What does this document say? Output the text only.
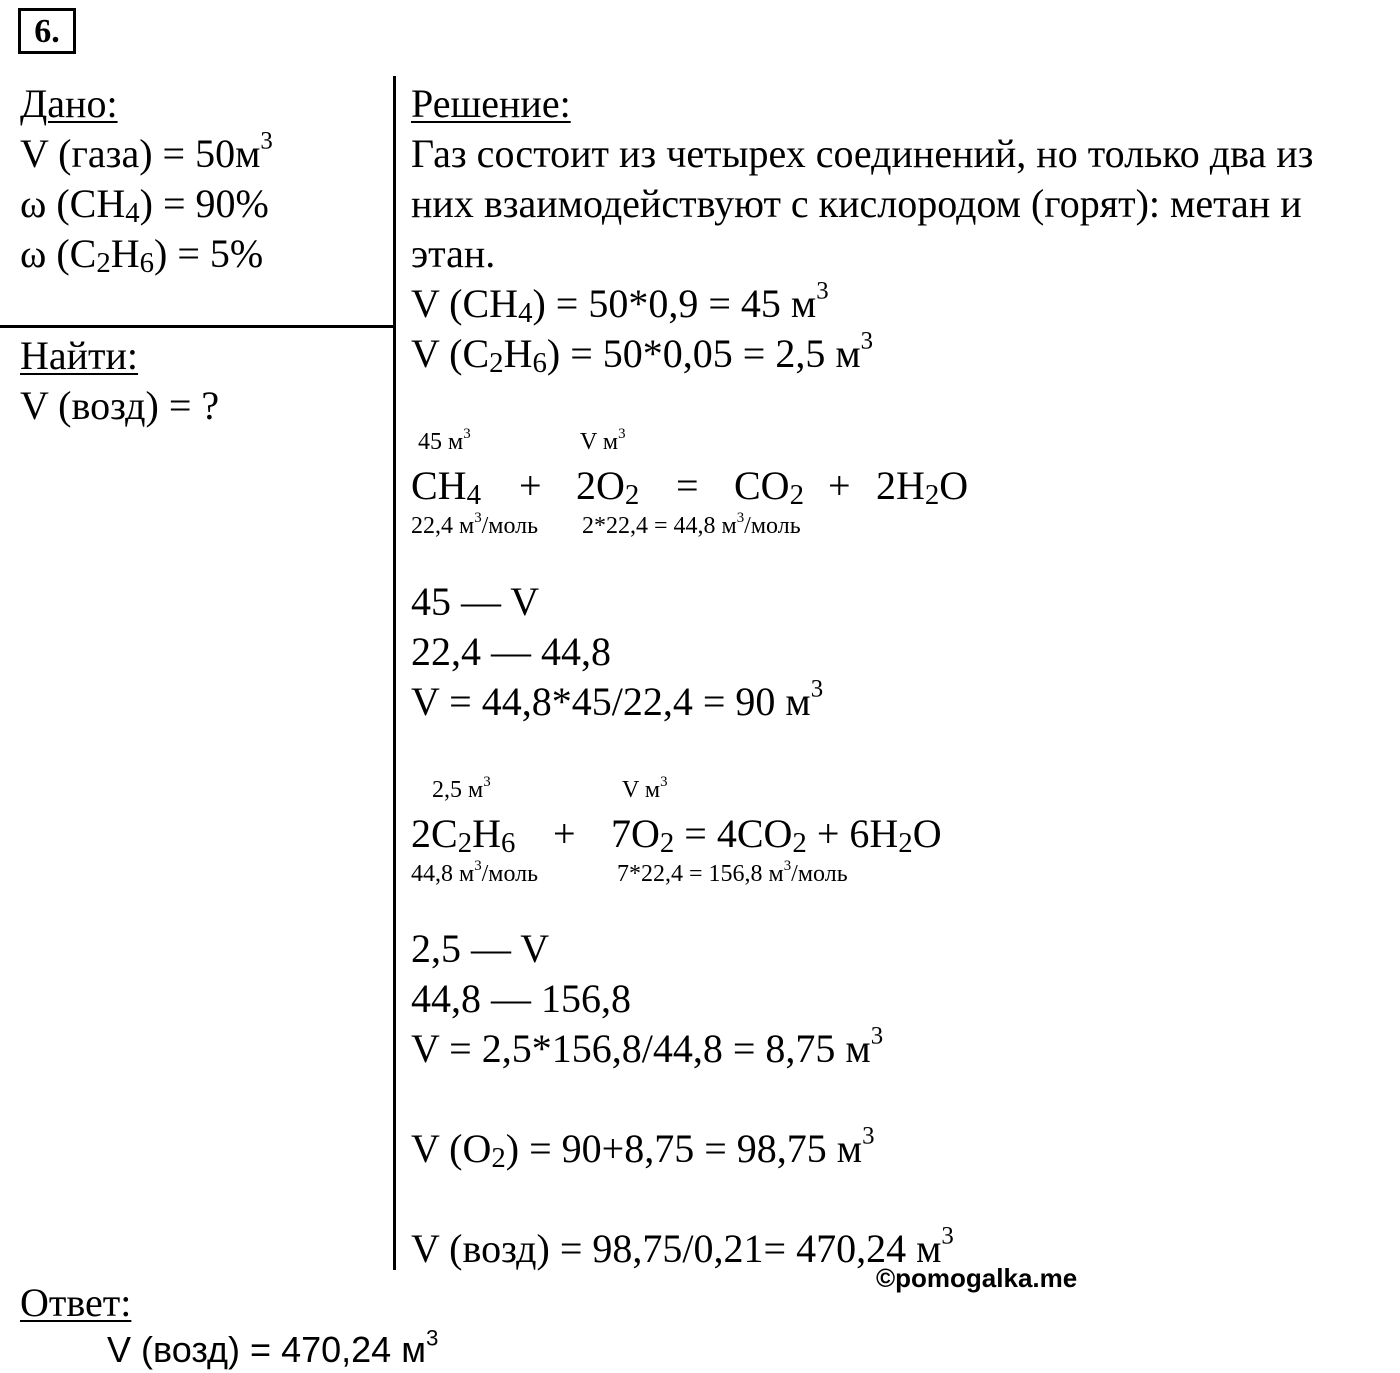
6.
Дано:
V (газа) = $50м^3$
ω $(CH_4) = 90\%$
ω $(C_2H_6) = 5\%$
Найти:
V (возд) = ?
Решение:
Газ состоит из четырех соединений, но только два из
них взаимодействуют с кислородом (горят): метан и
этан.
V $(CH_4) = 50*0,9 = 45$ $м^3$
V $(C_2H_6) = 50*0,05 = 2,5$ $м^3$
45 $м^3$	V $м^3$
$CH_4 + 2O_2 = CO_2 + 2H_2O$
22,4 $м^3$/моль 2*22,4 = 44,8 $м^3$/моль
45 — V
22,4 — 44,8
V = 44,8*45/22,4 = 90 $м^3$
2,5 $м^3$	V $м^3$
$2C_2H_6 + 7O_2 = 4CO_2 + 6H_2O$
44,8 $м^3$/моль	7*22,4 = 156,8 $м^3$/моль
2,5 — V
44,8 — 156,8
V = 2,5*156,8/44,8 = 8,75 $м^3$
V $(O_2) = 90+8,75 = 98,75$ $м^3$
V (возд) = 98,75/0,21= 470,24 $м^3$
©pomogalka.me
Ответ:
V (возд) = 470,24 $м^3$
